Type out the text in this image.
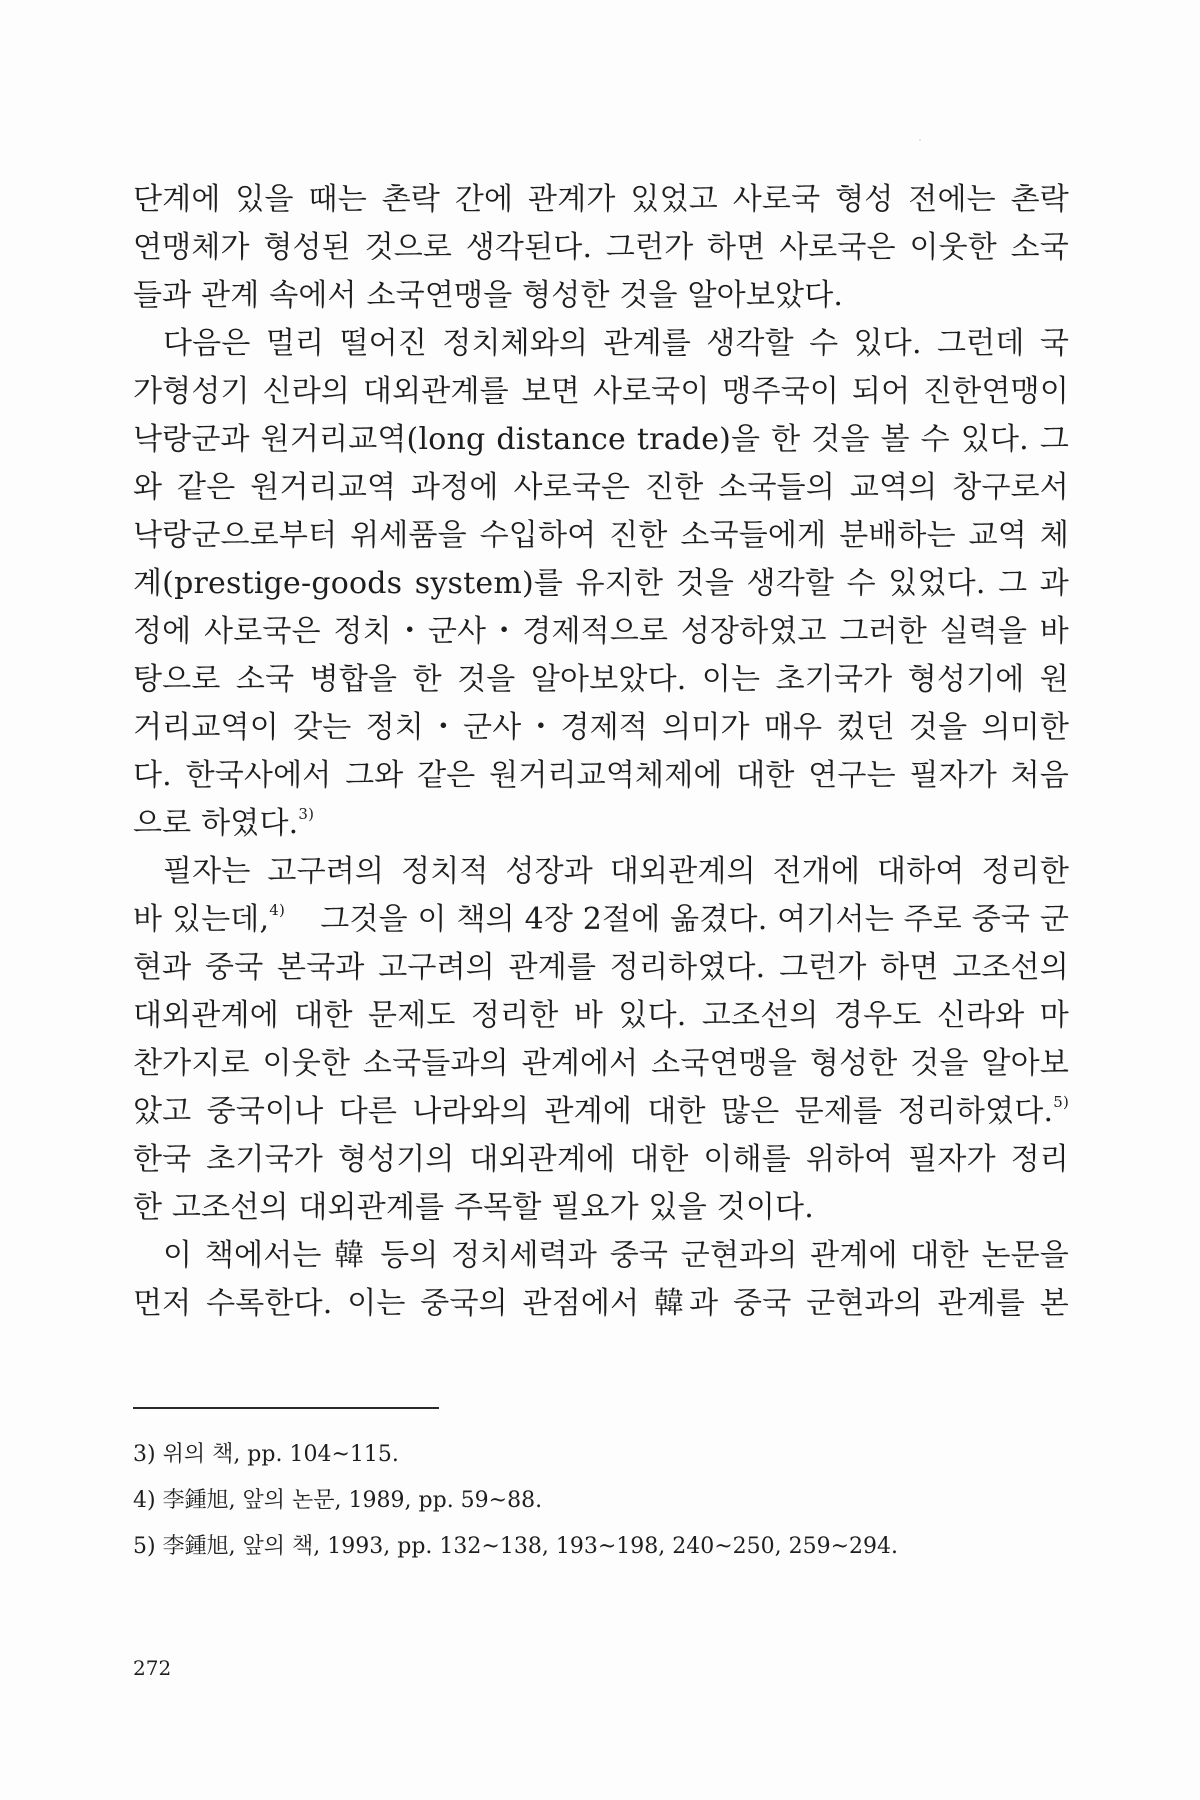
단계에 있을 때는 촌락 간에 관계가 있었고 사로국 형성 전에는 촌락
연맹체가 형성된 것으로 생각된다. 그런가 하면 사로국은 이웃한 소국
들과 관계 속에서 소국연맹을 형성한 것을 알아보았다.
다음은 멀리 떨어진 정치체와의 관계를 생각할 수 있다. 그런데 국
가형성기 신라의 대외관계를 보면 사로국이 맹주국이 되어 진한연맹이
낙랑군과 원거리교역(long distance trade)을 한 것을 볼 수 있다. 그
와 같은 원거리교역 과정에 사로국은 진한 소국들의 교역의 창구로서
낙랑군으로부터 위세품을 수입하여 진한 소국들에게 분배하는 교역 체
계(prestige-goods system)를 유지한 것을 생각할 수 있었다. 그 과
정에 사로국은 정치・군사・경제적으로 성장하였고 그러한 실력을 바
탕으로 소국 병합을 한 것을 알아보았다. 이는 초기국가 형성기에 원
거리교역이 갖는 정치・군사・경제적 의미가 매우 컸던 것을 의미한
다. 한국사에서 그와 같은 원거리교역체제에 대한 연구는 필자가 처음
으로 하였다.$^{3)}$
필자는 고구려의 정치적 성장과 대외관계의 전개에 대하여 정리한
바 있는데,$^{4)}$ 그것을 이 책의 4장 2절에 옮겼다. 여기서는 주로 중국 군
현과 중국 본국과 고구려의 관계를 정리하였다. 그런가 하면 고조선의
대외관계에 대한 문제도 정리한 바 있다. 고조선의 경우도 신라와 마
찬가지로 이웃한 소국들과의 관계에서 소국연맹을 형성한 것을 알아보
았고 중국이나 다른 나라와의 관계에 대한 많은 문제를 정리하였다.$^{5)}$
한국 초기국가 형성기의 대외관계에 대한 이해를 위하여 필자가 정리
한 고조선의 대외관계를 주목할 필요가 있을 것이다.
이 책에서는 韓 등의 정치세력과 중국 군현과의 관계에 대한 논문을
먼저 수록한다. 이는 중국의 관점에서 韓과 중국 군현과의 관계를 본
3) 위의 책, pp. 104~115.
4) 李鍾旭, 앞의 논문, 1989, pp. 59~88.
5) 李鍾旭, 앞의 책, 1993, pp. 132~138, 193~198, 240~250, 259~294.
272
